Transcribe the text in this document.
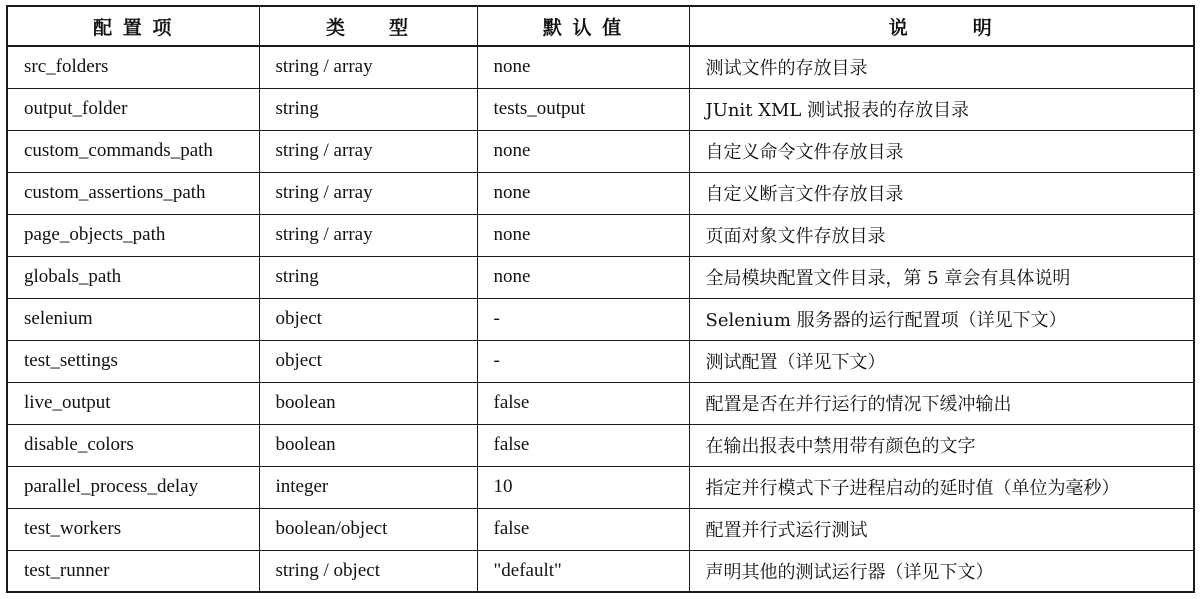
配 置 项	类　　型	默 认 值	说　　　明
src_folders	string / array	none	测试文件的存放目录
output_folder	string	tests_output	JUnit XML 测试报表的存放目录
custom_commands_path	string / array	none	自定义命令文件存放目录
custom_assertions_path	string / array	none	自定义断言文件存放目录
page_objects_path	string / array	none	页面对象文件存放目录
globals_path	string	none	全局模块配置文件目录，第 5 章会有具体说明
selenium	object	-	Selenium 服务器的运行配置项（详见下文）
test_settings	object	-	测试配置（详见下文）
live_output	boolean	false	配置是否在并行运行的情况下缓冲输出
disable_colors	boolean	false	在输出报表中禁用带有颜色的文字
parallel_process_delay	integer	10	指定并行模式下子进程启动的延时值（单位为毫秒）
test_workers	boolean/object	false	配置并行式运行测试
test_runner	string / object	"default"	声明其他的测试运行器（详见下文）
